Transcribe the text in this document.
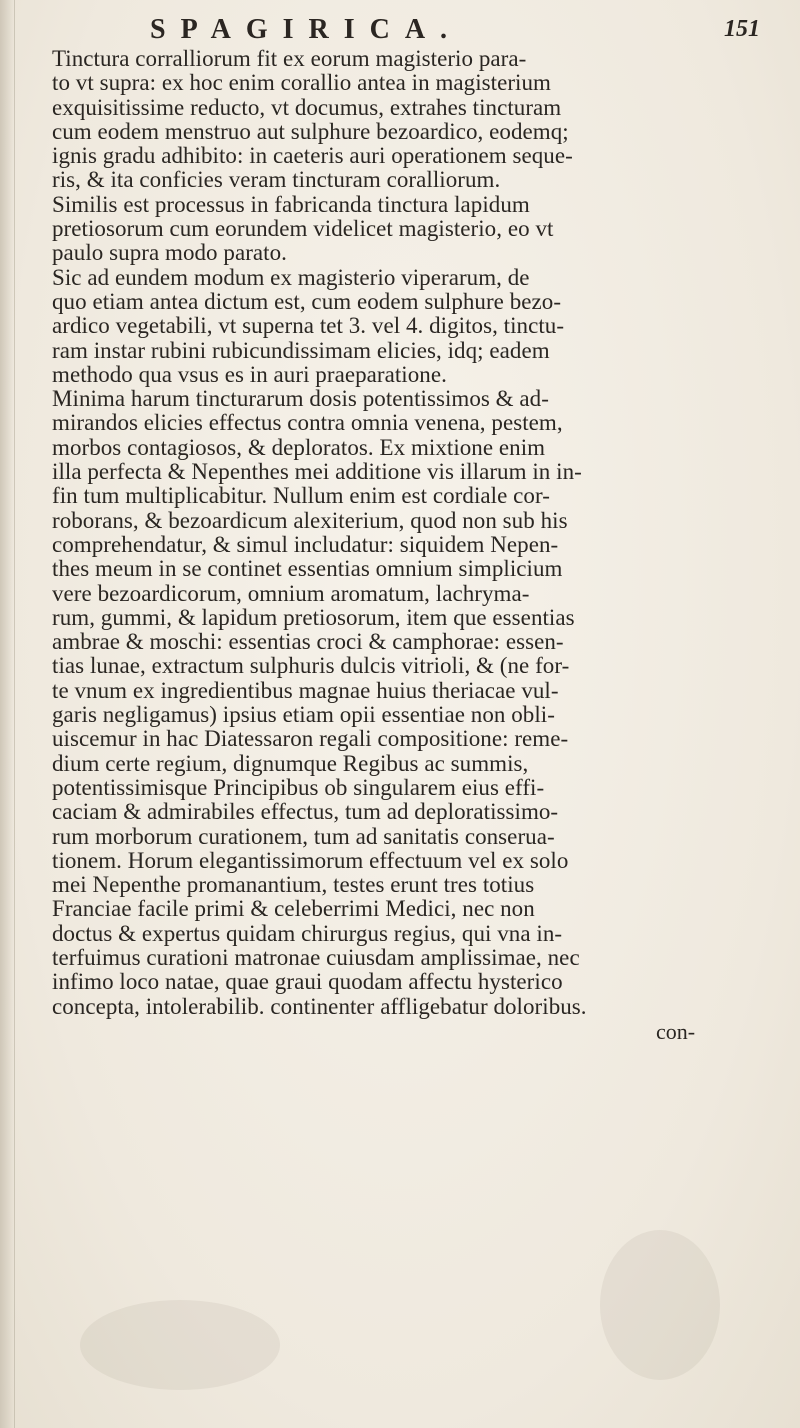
SPAGIRICA.	151
Tinctura corralliorum fit ex eorum magisterio para-
to vt supra: ex hoc enim corallio antea in magisterium
exquisitissime reducto, vt documus, extrahes tincturam
cum eodem menstruo aut sulphure bezoardico, eodemq;
ignis gradu adhibito: in caeteris auri operationem seque-
ris, & ita conficies veram tincturam coralliorum.
Similis est processus in fabricanda tinctura lapidum
pretiosorum cum eorundem videlicet magisterio, eo vt
paulo supra modo parato.
Sic ad eundem modum ex magisterio viperarum, de
quo etiam antea dictum est, cum eodem sulphure bezo-
ardico vegetabili, vt superna tet 3. vel 4. digitos, tinctu-
ram instar rubini rubicundissimam elicies, idq; eadem
methodo qua vsus es in auri praeparatione.
Minima harum tincturarum dosis potentissimos & ad-
mirandos elicies effectus contra omnia venena, pestem,
morbos contagiosos, & deploratos. Ex mixtione enim
illa perfecta & Nepenthes mei additione vis illarum in in-
fin tum multiplicabitur. Nullum enim est cordiale cor-
roborans, & bezoardicum alexiterium, quod non sub his
comprehendatur, & simul includatur: siquidem Nepen-
thes meum in se continet essentias omnium simplicium
vere bezoardicorum, omnium aromatum, lachryma-
rum, gummi, & lapidum pretiosorum, item que essentias
ambrae & moschi: essentias croci & camphorae: essen-
tias lunae, extractum sulphuris dulcis vitrioli, & (ne for-
te vnum ex ingredientibus magnae huius theriacae vul-
garis negligamus) ipsius etiam opii essentiae non obli-
uiscemur in hac Diatessaron regali compositione: reme-
dium certe regium, dignumque Regibus ac summis,
potentissimisque Principibus ob singularem eius effi-
caciam & admirabiles effectus, tum ad deploratissimo-
rum morborum curationem, tum ad sanitatis conserua-
tionem. Horum elegantissimorum effectuum vel ex solo
mei Nepenthe promanantium, testes erunt tres totius
Franciae facile primi & celeberrimi Medici, nec non
doctus & expertus quidam chirurgus regius, qui vna in-
terfuimus curationi matronae cuiusdam amplissimae, nec
infimo loco natae, quae graui quodam affectu hysterico
concepta, intolerabilib. continenter affligebatur doloribus.
con-
